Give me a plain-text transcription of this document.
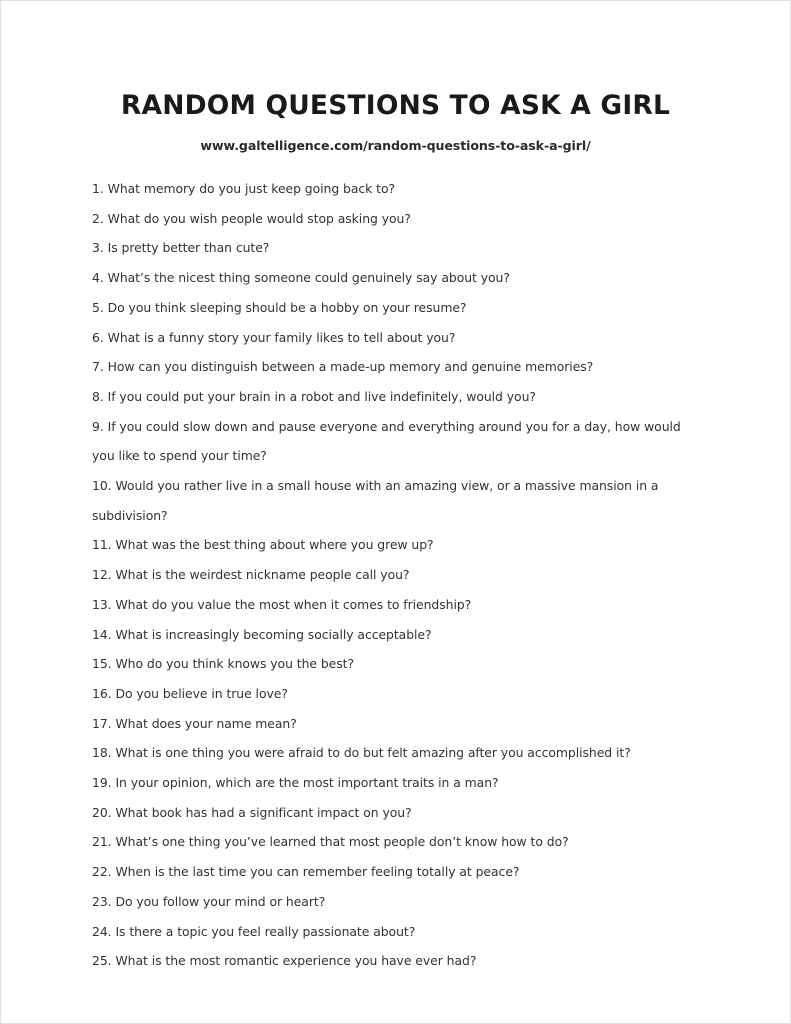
RANDOM QUESTIONS TO ASK A GIRL

www.galtelligence.com/random-questions-to-ask-a-girl/

1. What memory do you just keep going back to?
2. What do you wish people would stop asking you?
3. Is pretty better than cute?
4. What’s the nicest thing someone could genuinely say about you?
5. Do you think sleeping should be a hobby on your resume?
6. What is a funny story your family likes to tell about you?
7. How can you distinguish between a made-up memory and genuine memories?
8. If you could put your brain in a robot and live indefinitely, would you?
9. If you could slow down and pause everyone and everything around you for a day, how would you like to spend your time?
10. Would you rather live in a small house with an amazing view, or a massive mansion in a subdivision?
11. What was the best thing about where you grew up?
12. What is the weirdest nickname people call you?
13. What do you value the most when it comes to friendship?
14. What is increasingly becoming socially acceptable?
15. Who do you think knows you the best?
16. Do you believe in true love?
17. What does your name mean?
18. What is one thing you were afraid to do but felt amazing after you accomplished it?
19. In your opinion, which are the most important traits in a man?
20. What book has had a significant impact on you?
21. What’s one thing you’ve learned that most people don’t know how to do?
22. When is the last time you can remember feeling totally at peace?
23. Do you follow your mind or heart?
24. Is there a topic you feel really passionate about?
25. What is the most romantic experience you have ever had?
